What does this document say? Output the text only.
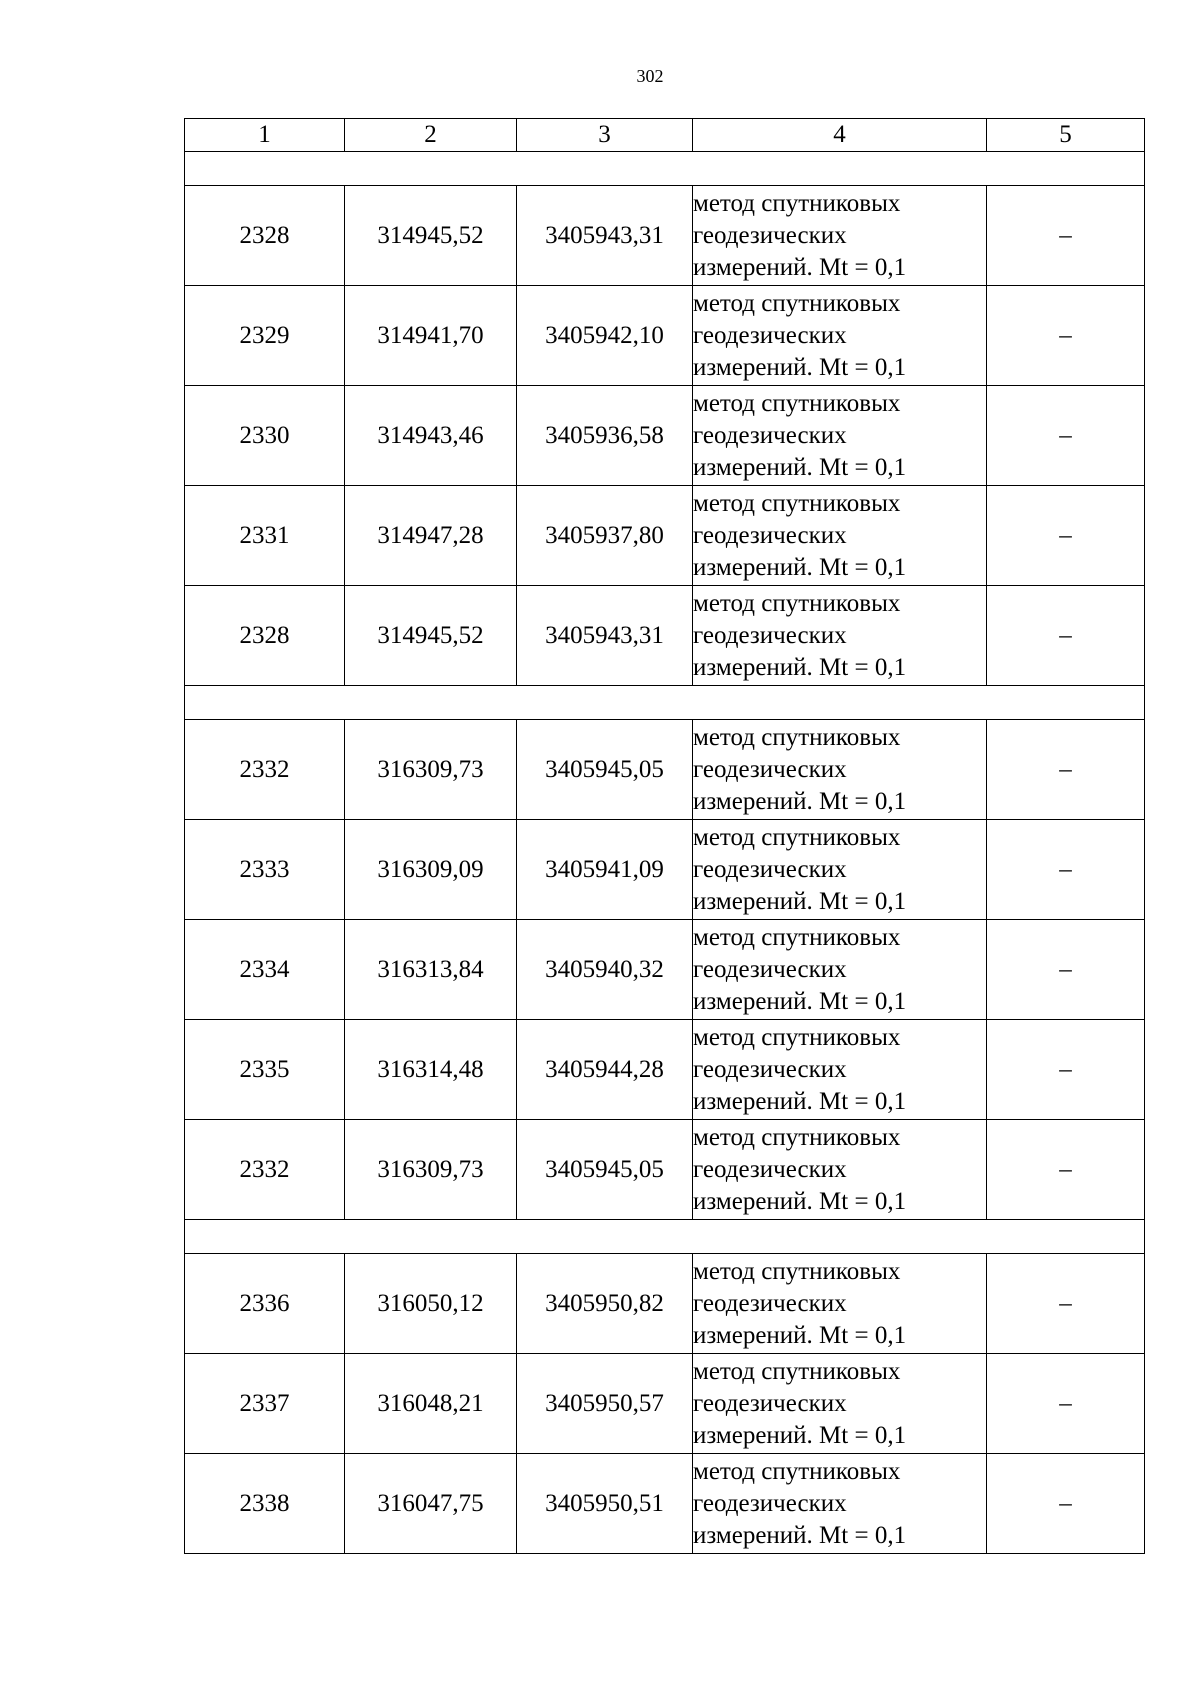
302
1	2	3	4	5

2328	314945,52	3405943,31	метод спутниковых
геодезических
измерений. Mt = 0,1	–
2329	314941,70	3405942,10	метод спутниковых
геодезических
измерений. Mt = 0,1	–
2330	314943,46	3405936,58	метод спутниковых
геодезических
измерений. Mt = 0,1	–
2331	314947,28	3405937,80	метод спутниковых
геодезических
измерений. Mt = 0,1	–
2328	314945,52	3405943,31	метод спутниковых
геодезических
измерений. Mt = 0,1	–

2332	316309,73	3405945,05	метод спутниковых
геодезических
измерений. Mt = 0,1	–
2333	316309,09	3405941,09	метод спутниковых
геодезических
измерений. Mt = 0,1	–
2334	316313,84	3405940,32	метод спутниковых
геодезических
измерений. Mt = 0,1	–
2335	316314,48	3405944,28	метод спутниковых
геодезических
измерений. Mt = 0,1	–
2332	316309,73	3405945,05	метод спутниковых
геодезических
измерений. Mt = 0,1	–

2336	316050,12	3405950,82	метод спутниковых
геодезических
измерений. Mt = 0,1	–
2337	316048,21	3405950,57	метод спутниковых
геодезических
измерений. Mt = 0,1	–
2338	316047,75	3405950,51	метод спутниковых
геодезических
измерений. Mt = 0,1	–
